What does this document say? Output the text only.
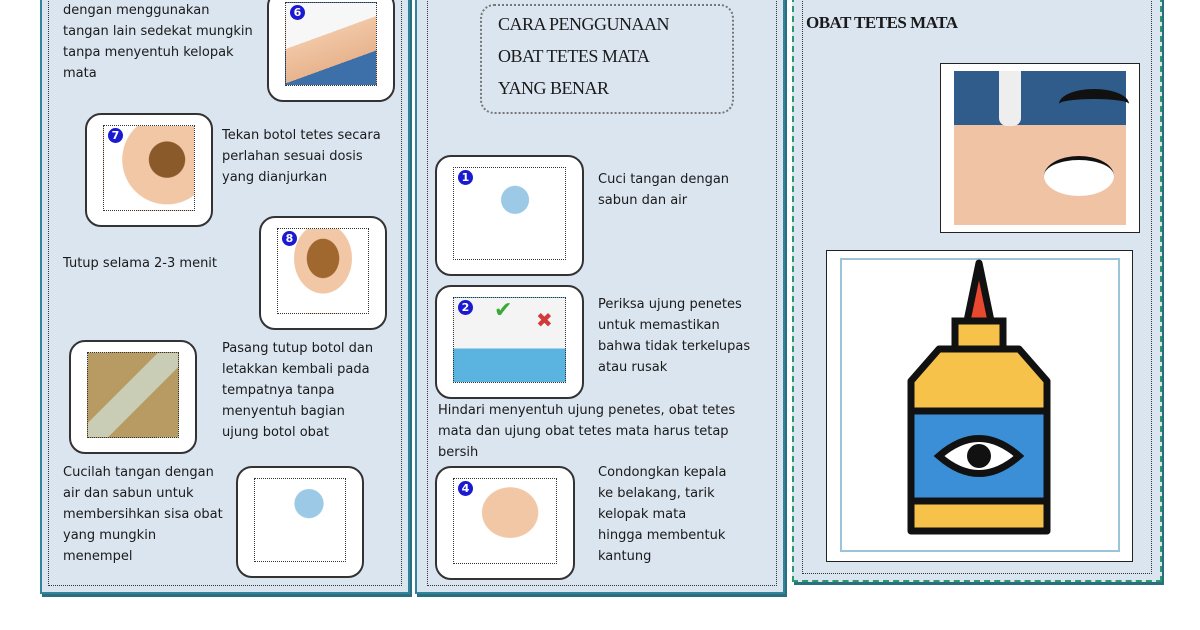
dengan menggunakan
tangan lain sedekat mungkin
tanpa menyentuh kelopak
mata
6
7	Tekan botol tetes secara
perlahan sesuai dosis
yang dianjurkan
Tutup selama 2-3 menit
8
Pasang tutup botol dan
letakkan kembali pada
tempatnya tanpa
menyentuh bagian
ujung botol obat
Cucilah tangan dengan
air dan sabun untuk
membersihkan sisa obat
yang mungkin
menempel
CARA PENGGUNAAN
OBAT TETES MATA
YANG BENAR
1	Cuci tangan dengan
sabun dan air
2 ✔ ✖
Periksa ujung penetes
untuk memastikan
bahwa tidak terkelupas
atau rusak
Hindari menyentuh ujung penetes, obat tetes
mata dan ujung obat tetes mata harus tetap
bersih
4
Condongkan kepala
ke belakang, tarik
kelopak mata
hingga membentuk
kantung
OBAT TETES MATA
